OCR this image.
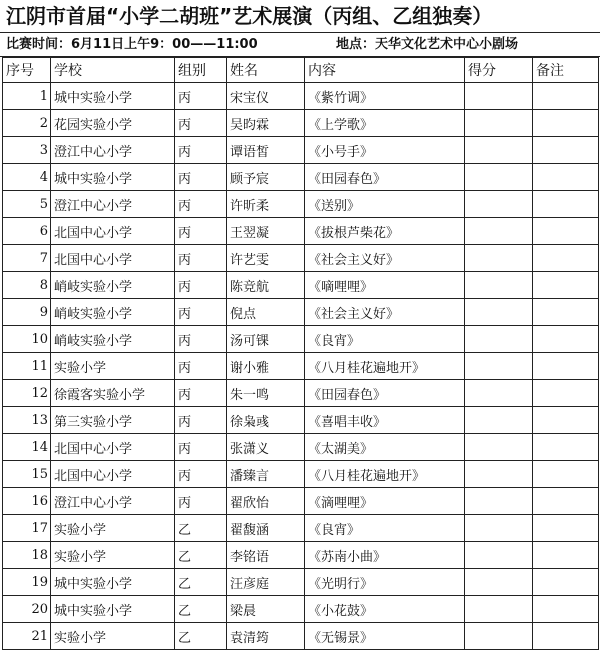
江阴市首届“小学二胡班”艺术展演（丙组、乙组独奏）
比赛时间：6月11日上午9：00——11:00	地点：天华文化艺术中心小剧场
序号	学校	组别	姓名	内容	得分	备注
1	城中实验小学	丙	宋宝仪	《紫竹调》		
2	花园实验小学	丙	吴昀霖	《上学歌》		
3	澄江中心小学	丙	谭语皙	《小号手》		
4	城中实验小学	丙	顾予宸	《田园春色》		
5	澄江中心小学	丙	许昕柔	《送别》		
6	北国中心小学	丙	王翌凝	《拔根芦柴花》		
7	北国中心小学	丙	许艺雯	《社会主义好》		
8	峭岐实验小学	丙	陈竞航	《嘀哩哩》		
9	峭岐实验小学	丙	倪点	《社会主义好》		
10	峭岐实验小学	丙	汤可锞	《良宵》		
11	实验小学	丙	谢小雅	《八月桂花遍地开》		
12	徐霞客实验小学	丙	朱一鸣	《田园春色》		
13	第三实验小学	丙	徐枭彧	《喜唱丰收》		
14	北国中心小学	丙	张潇义	《太湖美》		
15	北国中心小学	丙	潘臻言	《八月桂花遍地开》		
16	澄江中心小学	丙	翟欣怡	《滴哩哩》		
17	实验小学	乙	翟馥涵	《良宵》		
18	实验小学	乙	李铭语	《苏南小曲》		
19	城中实验小学	乙	汪彦庭	《光明行》		
20	城中实验小学	乙	梁晨	《小花鼓》		
21	实验小学	乙	袁清筠	《无锡景》		
